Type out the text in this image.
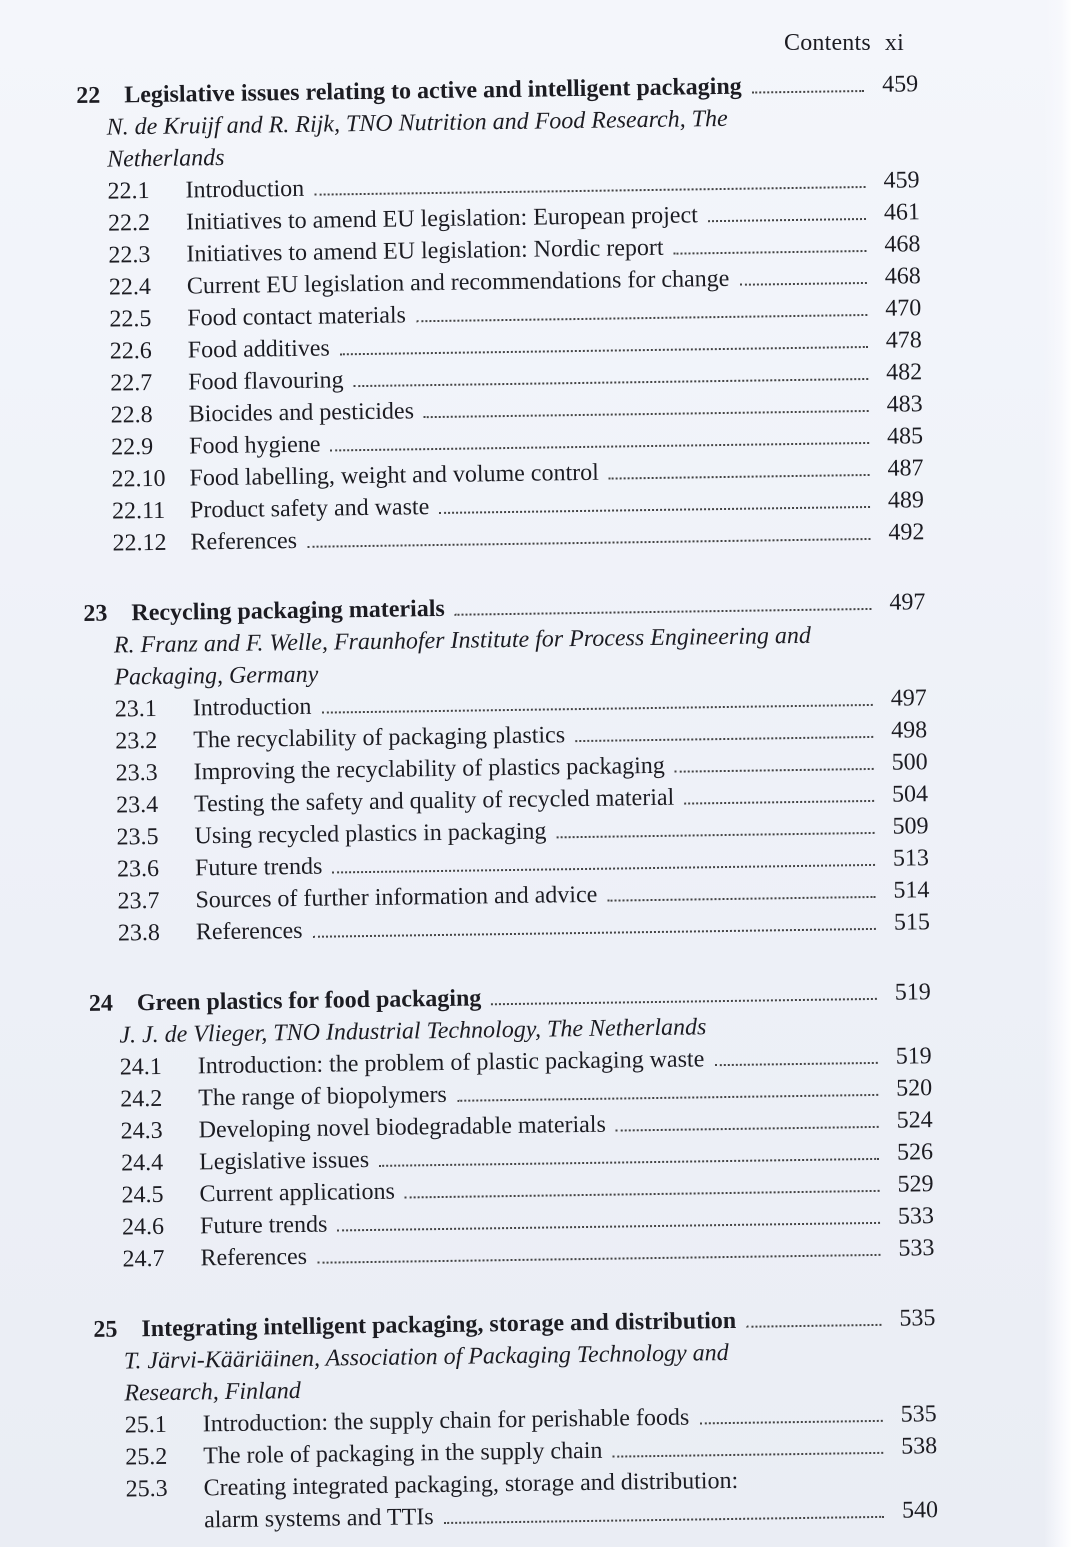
Contents xi
22 Legislative issues relating to active and intelligent packaging	459
N. de Kruijf and R. Rijk, TNO Nutrition and Food Research, The Netherlands
22.1	Introduction	459
22.2	Initiatives to amend EU legislation: European project	461
22.3	Initiatives to amend EU legislation: Nordic report	468
22.4	Current EU legislation and recommendations for change	468
22.5	Food contact materials	470
22.6	Food additives	478
22.7	Food flavouring	482
22.8	Biocides and pesticides	483
22.9	Food hygiene	485
22.10 Food labelling, weight and volume control	487
22.11	Product safety and waste	489
22.12 References	492
23 Recycling packaging materials	497
R. Franz and F. Welle, Fraunhofer Institute for Process Engineering and Packaging, Germany
23.1	Introduction	497
23.2	The recyclability of packaging plastics	498
23.3	Improving the recyclability of plastics packaging	500
23.4	Testing the safety and quality of recycled material	504
23.5	Using recycled plastics in packaging	509
23.6	Future trends	513
23.7	Sources of further information and advice	514
23.8	References	515
24 Green plastics for food packaging	519
J. J. de Vlieger, TNO Industrial Technology, The Netherlands
24.1	Introduction: the problem of plastic packaging waste	519
24.2	The range of biopolymers	520
24.3	Developing novel biodegradable materials	524
24.4	Legislative issues	526
24.5	Current applications	529
24.6	Future trends	533
24.7	References	533
25 Integrating intelligent packaging, storage and distribution	535
T. Järvi-Kääriäinen, Association of Packaging Technology and Research, Finland
25.1	Introduction: the supply chain for perishable foods	535
25.2	The role of packaging in the supply chain	538
25.3	Creating integrated packaging, storage and distribution:
alarm systems and TTIs	540
